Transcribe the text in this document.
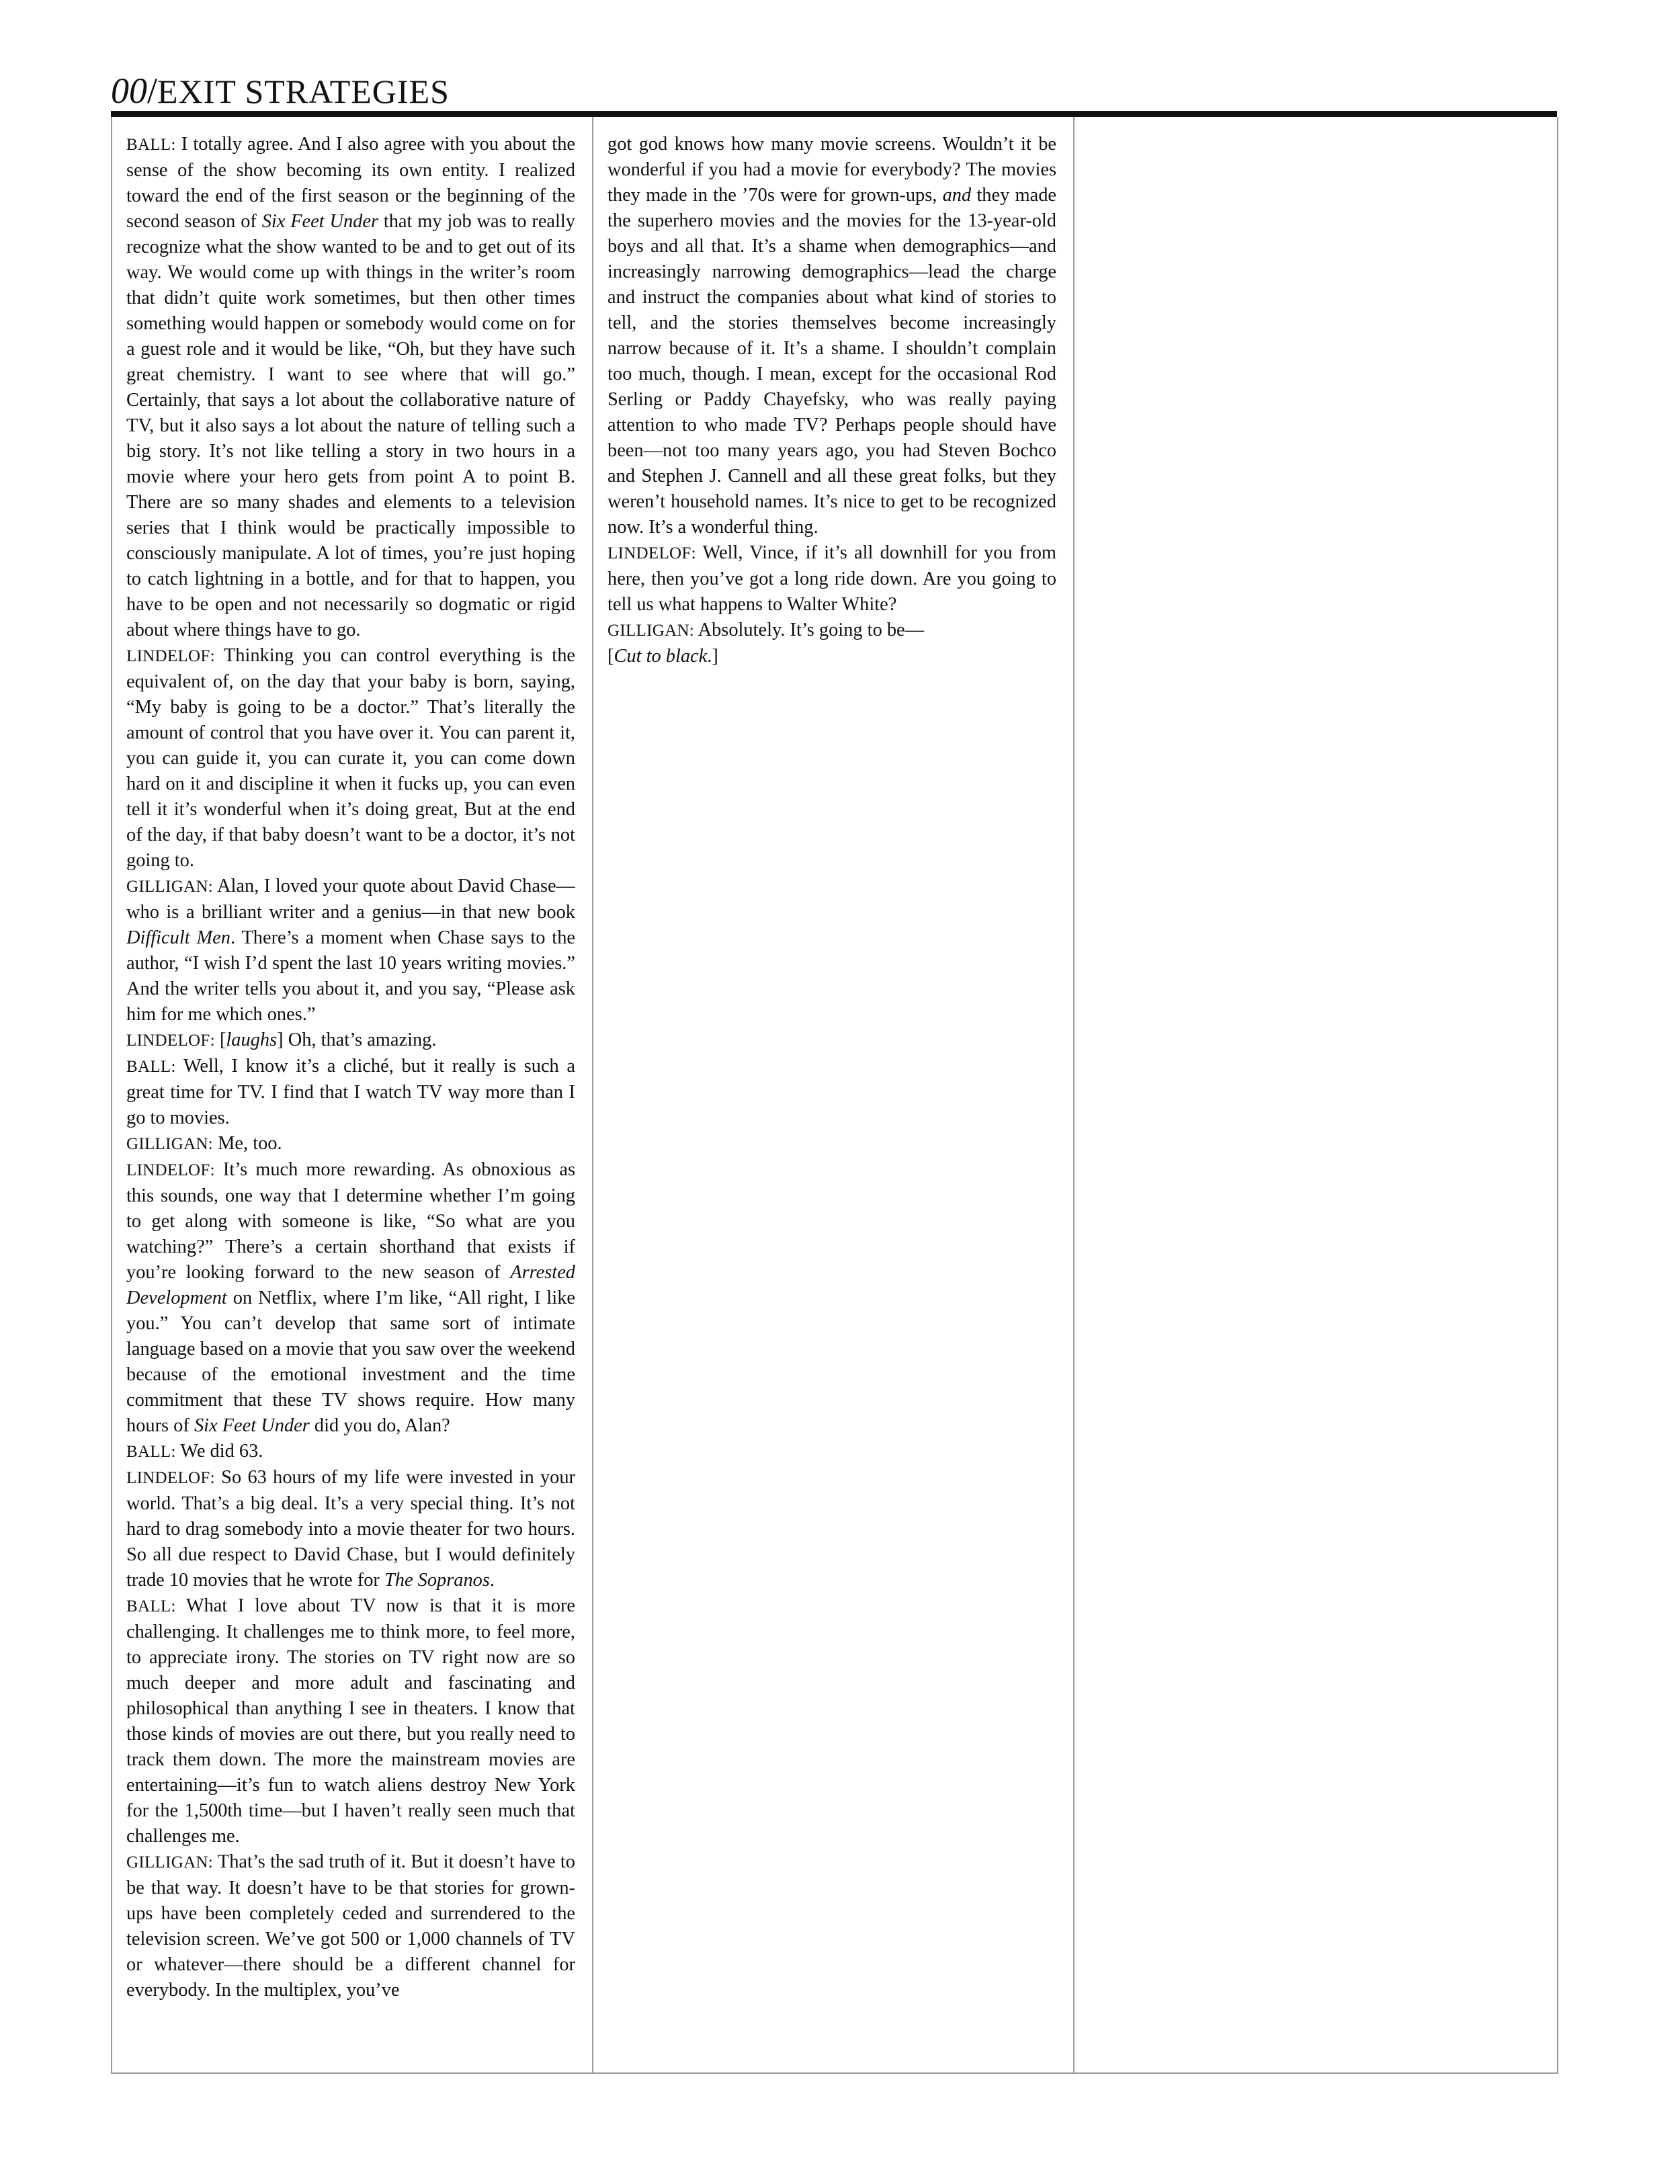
00/EXIT STRATEGIES

BALL: I totally agree. And I also agree with you about the sense of the show becoming its own entity. I realized toward the end of the first season or the beginning of the second season of Six Feet Under that my job was to really recognize what the show wanted to be and to get out of its way. We would come up with things in the writer’s room that didn’t quite work sometimes, but then other times something would happen or somebody would come on for a guest role and it would be like, “Oh, but they have such great chemistry. I want to see where that will go.” Certainly, that says a lot about the collaborative nature of TV, but it also says a lot about the nature of telling such a big story. It’s not like telling a story in two hours in a movie where your hero gets from point A to point B. There are so many shades and elements to a television series that I think would be practically impossible to consciously manipulate. A lot of times, you’re just hoping to catch lightning in a bottle, and for that to happen, you have to be open and not necessarily so dogmatic or rigid about where things have to go.

LINDELOF: Thinking you can control everything is the equivalent of, on the day that your baby is born, saying, “My baby is going to be a doctor.” That’s literally the amount of control that you have over it. You can parent it, you can guide it, you can curate it, you can come down hard on it and discipline it when it fucks up, you can even tell it it’s wonderful when it’s doing great, But at the end of the day, if that baby doesn’t want to be a doctor, it’s not going to.

GILLIGAN: Alan, I loved your quote about David Chase—who is a brilliant writer and a genius—in that new book Difficult Men. There’s a moment when Chase says to the author, “I wish I’d spent the last 10 years writing movies.” And the writer tells you about it, and you say, “Please ask him for me which ones.”

LINDELOF: [laughs] Oh, that’s amazing.

BALL: Well, I know it’s a cliché, but it really is such a great time for TV. I find that I watch TV way more than I go to movies.

GILLIGAN: Me, too.

LINDELOF: It’s much more rewarding. As obnoxious as this sounds, one way that I determine whether I’m going to get along with someone is like, “So what are you watching?” There’s a certain shorthand that exists if you’re looking forward to the new season of Arrested Development on Netflix, where I’m like, “All right, I like you.” You can’t develop that same sort of intimate language based on a movie that you saw over the weekend because of the emotional investment and the time commitment that these TV shows require. How many hours of Six Feet Under did you do, Alan?

BALL: We did 63.

LINDELOF: So 63 hours of my life were invested in your world. That’s a big deal. It’s a very special thing. It’s not hard to drag somebody into a movie theater for two hours. So all due respect to David Chase, but I would definitely trade 10 movies that he wrote for The Sopranos.

BALL: What I love about TV now is that it is more challenging. It challenges me to think more, to feel more, to appreciate irony. The stories on TV right now are so much deeper and more adult and fascinating and philosophical than anything I see in theaters. I know that those kinds of movies are out there, but you really need to track them down. The more the mainstream movies are entertaining—it’s fun to watch aliens destroy New York for the 1,500th time—but I haven’t really seen much that challenges me.

GILLIGAN: That’s the sad truth of it. But it doesn’t have to be that way. It doesn’t have to be that stories for grown-ups have been completely ceded and surrendered to the television screen. We’ve got 500 or 1,000 channels of TV or whatever—there should be a different channel for everybody. In the multiplex, you’ve

got god knows how many movie screens. Wouldn’t it be wonderful if you had a movie for everybody? The movies they made in the ’70s were for grown-ups, and they made the superhero movies and the movies for the 13-year-old boys and all that. It’s a shame when demographics—and increasingly narrowing demographics—lead the charge and instruct the companies about what kind of stories to tell, and the stories themselves become increasingly narrow because of it. It’s a shame. I shouldn’t complain too much, though. I mean, except for the occasional Rod Serling or Paddy Chayefsky, who was really paying attention to who made TV? Perhaps people should have been—not too many years ago, you had Steven Bochco and Stephen J. Cannell and all these great folks, but they weren’t household names. It’s nice to get to be recognized now. It’s a wonderful thing.

LINDELOF: Well, Vince, if it’s all downhill for you from here, then you’ve got a long ride down. Are you going to tell us what happens to Walter White?

GILLIGAN: Absolutely. It’s going to be—

[Cut to black.]
